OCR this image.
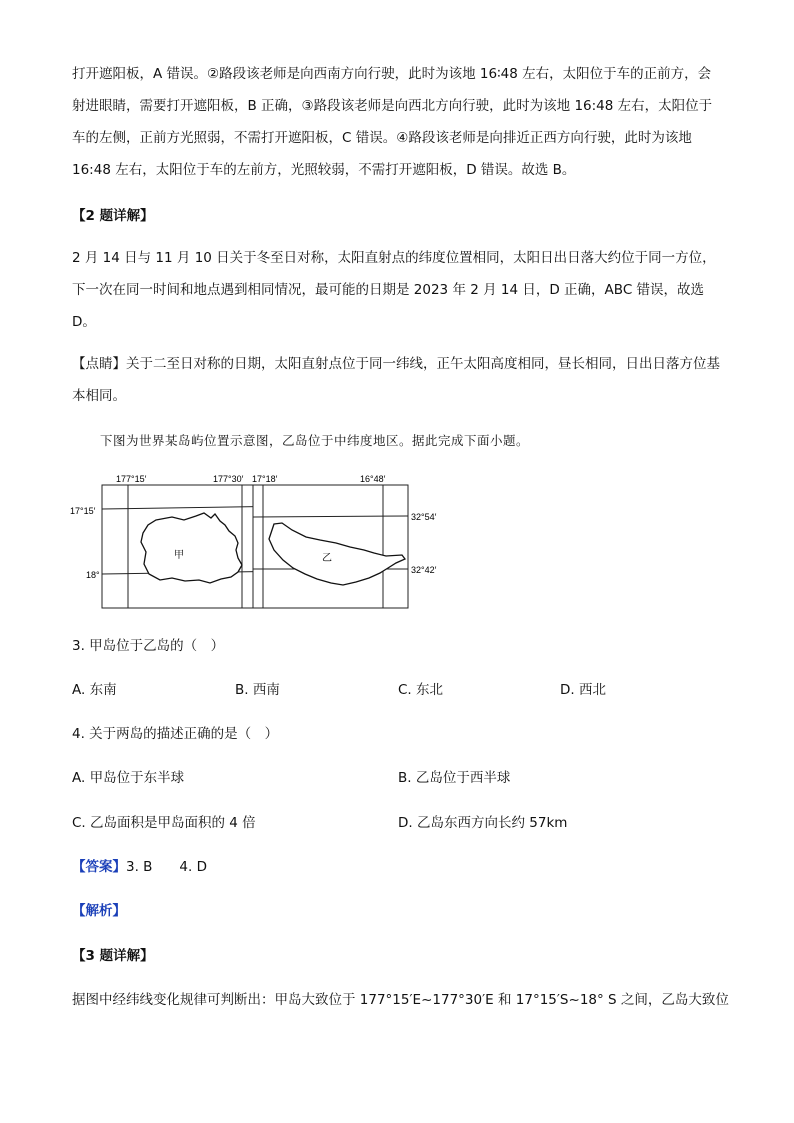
打开遮阳板，A 错误。②路段该老师是向西南方向行驶，此时为该地 16∶48 左右，太阳位于车的正前方，会射进眼睛，需要打开遮阳板，B 正确，③路段该老师是向西北方向行驶，此时为该地 16:48 左右，太阳位于车的左侧，正前方光照弱，不需打开遮阳板，C 错误。④路段该老师是向排近正西方向行驶，此时为该地 16:48 左右，太阳位于车的左前方，光照较弱，不需打开遮阳板，D 错误。故选 B。

【2 题详解】

2 月 14 日与 11 月 10 日关于冬至日对称，太阳直射点的纬度位置相同，太阳日出日落大约位于同一方位，下一次在同一时间和地点遇到相同情况，最可能的日期是 2023 年 2 月 14 日，D 正确，ABC 错误，故选 D。

【点睛】关于二至日对称的日期，太阳直射点位于同一纬线，正午太阳高度相同，昼长相同，日出日落方位基本相同。

下图为世界某岛屿位置示意图，乙岛位于中纬度地区。据此完成下面小题。
177°15′	177°30′
17°15′
18°
甲
17°18′	16°48′
32°54′
32°42′
乙
3. 甲岛位于乙岛的（　）
A. 东南	B. 西南	C. 东北	D. 西北
4. 关于两岛的描述正确的是（　）
A. 甲岛位于东半球	B. 乙岛位于西半球
C. 乙岛面积是甲岛面积的 4 倍	D. 乙岛东西方向长约 57km
【答案】3. B　　4. D
【解析】
【3 题详解】
据图中经纬线变化规律可判断出：甲岛大致位于 177°15′E~177°30′E 和 17°15′S~18° S 之间，乙岛大致位
